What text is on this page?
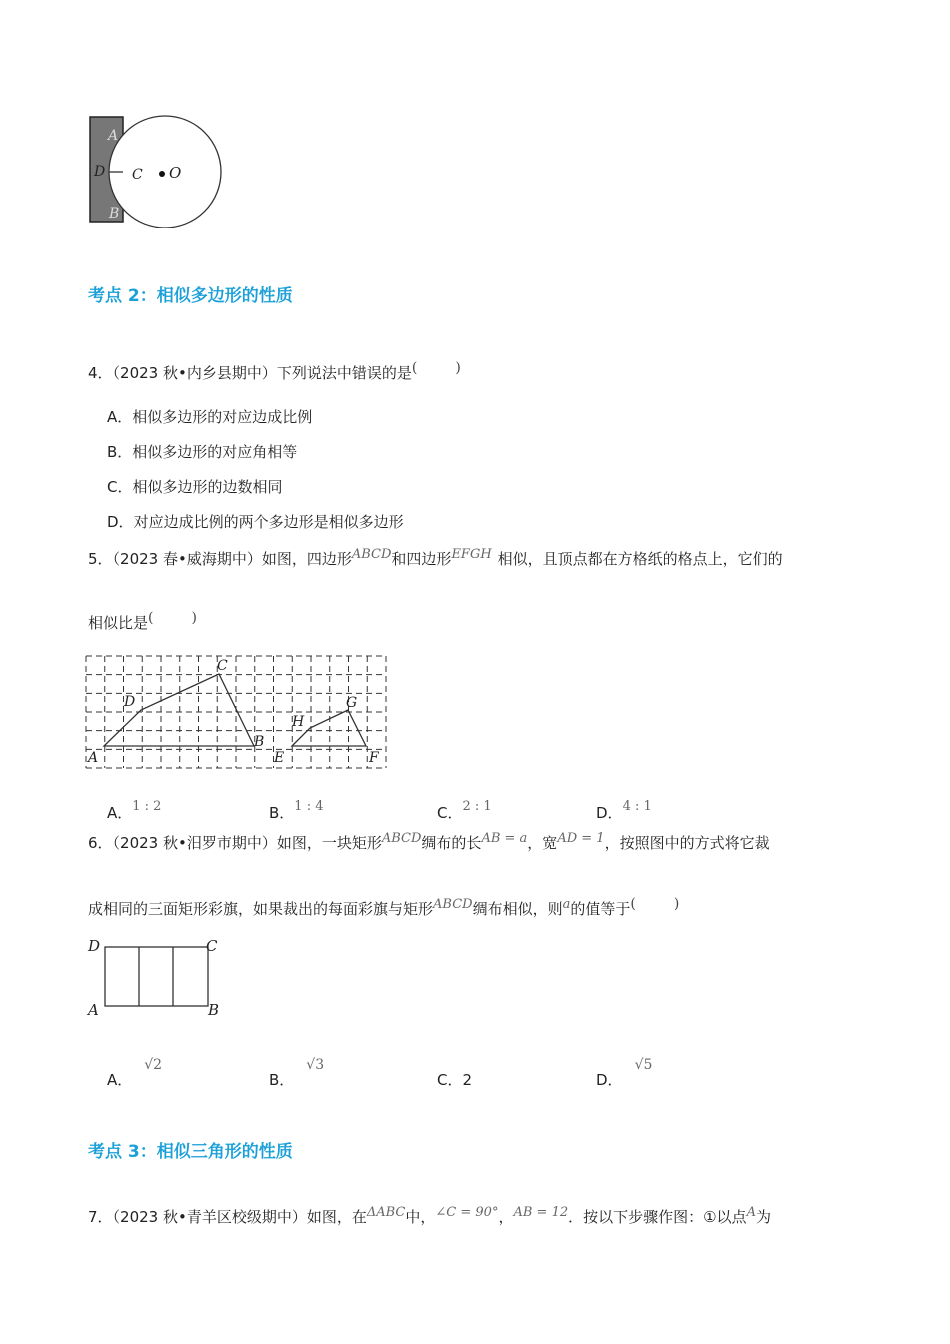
A
D
B
C O
考点 2：相似多边形的性质
4．（2023 秋•内乡县期中）下列说法中错误的是(	)
A．相似多边形的对应边成比例
B．相似多边形的对应角相等
C．相似多边形的边数相同
D．对应边成比例的两个多边形是相似多边形
5．（2023 春•威海期中）如图，四边形ABCD和四边形EFGH 相似，且顶点都在方格纸的格点上，它们的
相似比是(	)
A
B
C
D
E	F
G
H
A．1 : 2	B．1 : 4	C．2 : 1	D．4 : 1
6．（2023 秋•汨罗市期中）如图，一块矩形ABCD绸布的长AB = a，宽AD = 1，按照图中的方式将它裁
成相同的三面矩形彩旗，如果裁出的每面彩旗与矩形ABCD绸布相似，则a的值等于(	)
D	C
A	B
A．√2
B．√3
C．2	D．√5
考点 3：相似三角形的性质
7．（2023 秋•青羊区校级期中）如图，在ΔABC中，∠C = 90°，AB = 12．按以下步骤作图：①以点A为
